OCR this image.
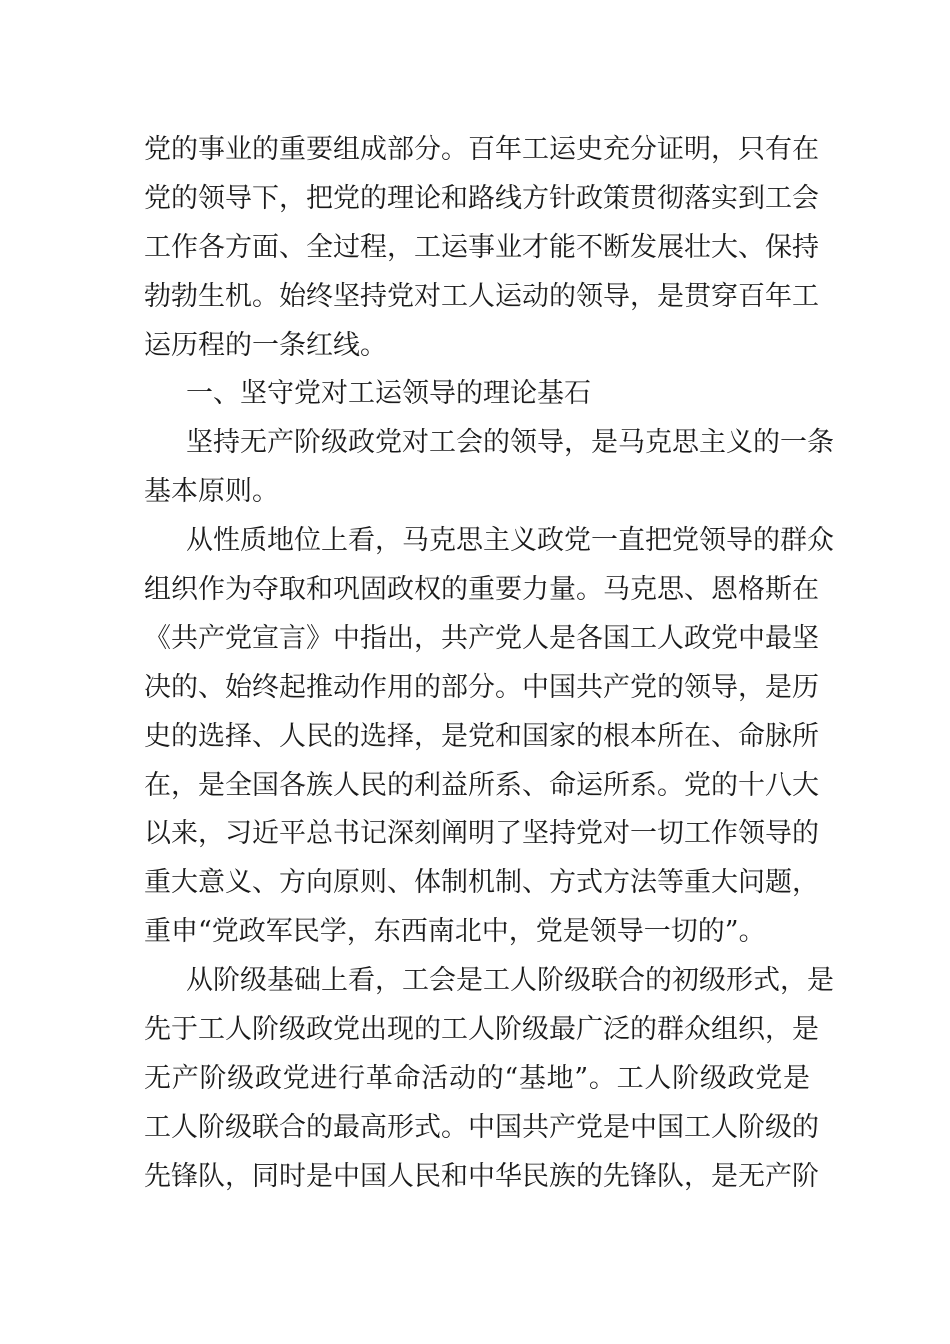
党的事业的重要组成部分。百年工运史充分证明，只有在
党的领导下，把党的理论和路线方针政策贯彻落实到工会
工作各方面、全过程，工运事业才能不断发展壮大、保持
勃勃生机。始终坚持党对工人运动的领导，是贯穿百年工
运历程的一条红线。
一、坚守党对工运领导的理论基石
坚持无产阶级政党对工会的领导，是马克思主义的一条
基本原则。
从性质地位上看，马克思主义政党一直把党领导的群众
组织作为夺取和巩固政权的重要力量。马克思、恩格斯在
《共产党宣言》中指出，共产党人是各国工人政党中最坚
决的、始终起推动作用的部分。中国共产党的领导，是历
史的选择、人民的选择，是党和国家的根本所在、命脉所
在，是全国各族人民的利益所系、命运所系。党的十八大
以来，习近平总书记深刻阐明了坚持党对一切工作领导的
重大意义、方向原则、体制机制、方式方法等重大问题，
重申“党政军民学，东西南北中，党是领导一切的”。
从阶级基础上看，工会是工人阶级联合的初级形式，是
先于工人阶级政党出现的工人阶级最广泛的群众组织，是
无产阶级政党进行革命活动的“基地”。工人阶级政党是
工人阶级联合的最高形式。中国共产党是中国工人阶级的
先锋队，同时是中国人民和中华民族的先锋队，是无产阶
